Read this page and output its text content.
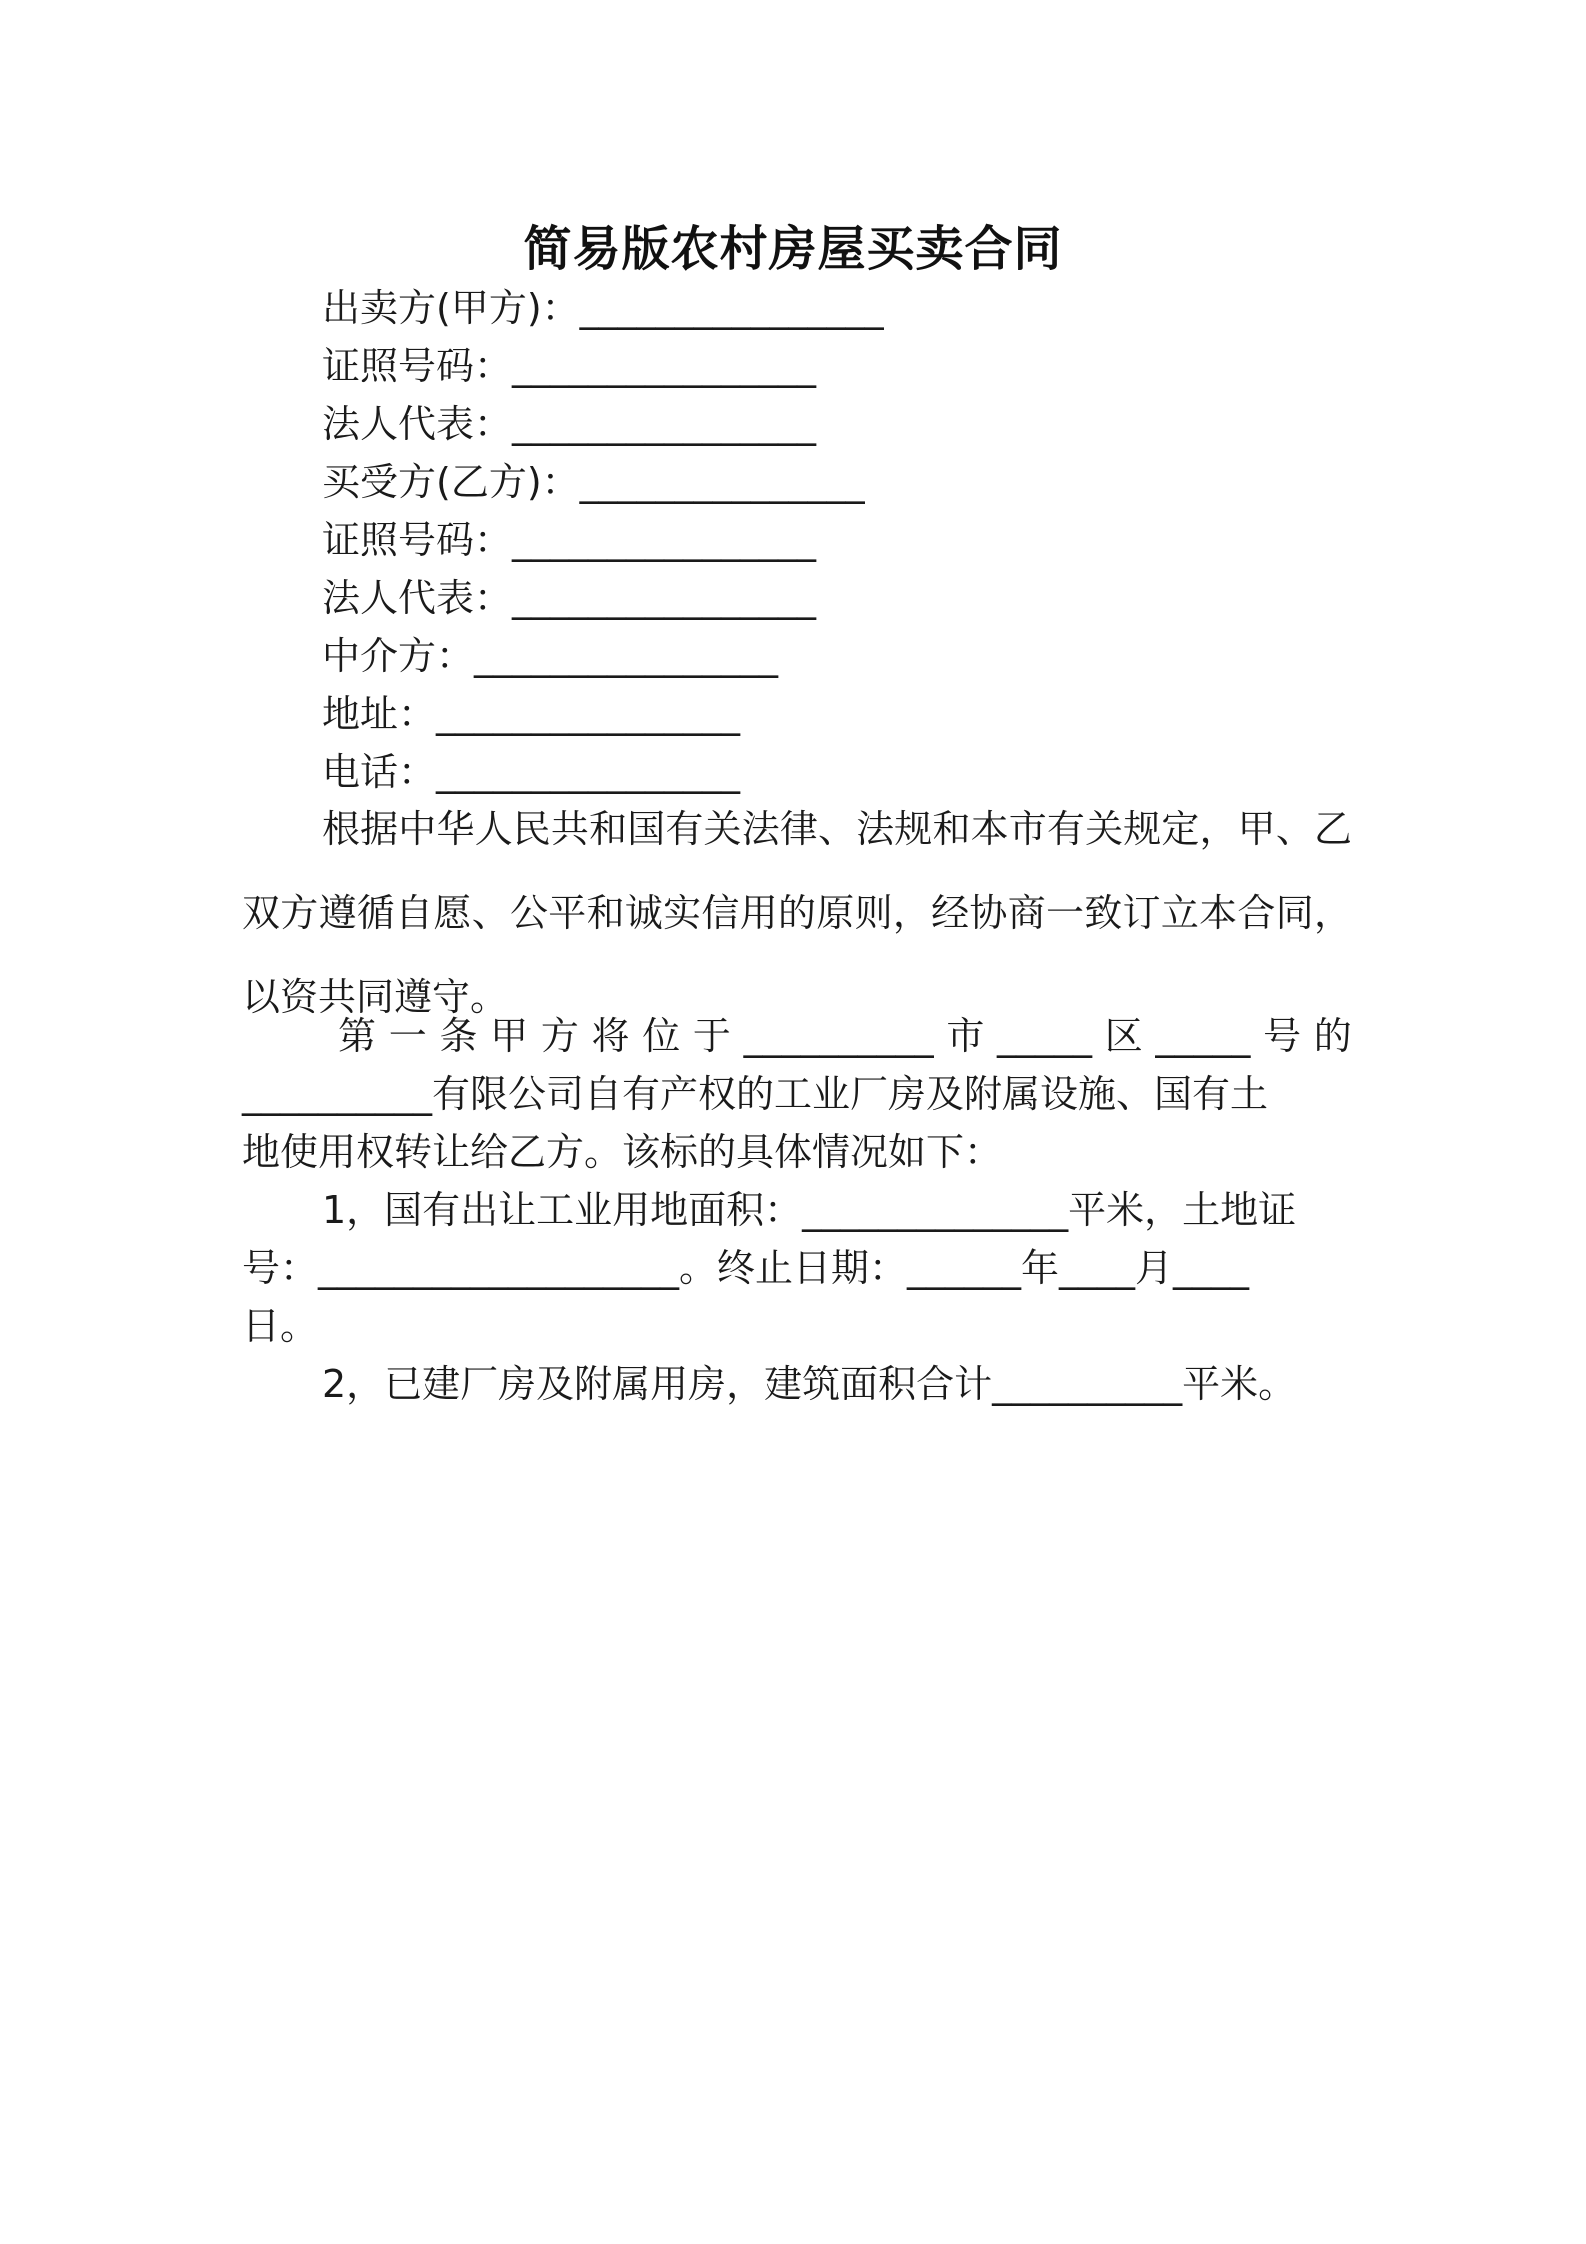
简易版农村房屋买卖合同
出卖方(甲方)：________________
证照号码：________________
法人代表：________________
买受方(乙方)：_______________
证照号码：________________
法人代表：________________
中介方：________________
地址：________________
电话：________________
根据中华人民共和国有关法律、法规和本市有关规定，甲、乙双方遵循自愿、公平和诚实信用的原则，经协商一致订立本合同，以资共同遵守。
第 一 条 甲 方 将 位 于 __________ 市 _____ 区 _____ 号 的
__________有限公司自有产权的工业厂房及附属设施、国有土
地使用权转让给乙方。该标的具体情况如下：
1，国有出让工业用地面积：______________平米，土地证
号：___________________。终止日期：______年____月____
日。
2，已建厂房及附属用房，建筑面积合计__________平米。
